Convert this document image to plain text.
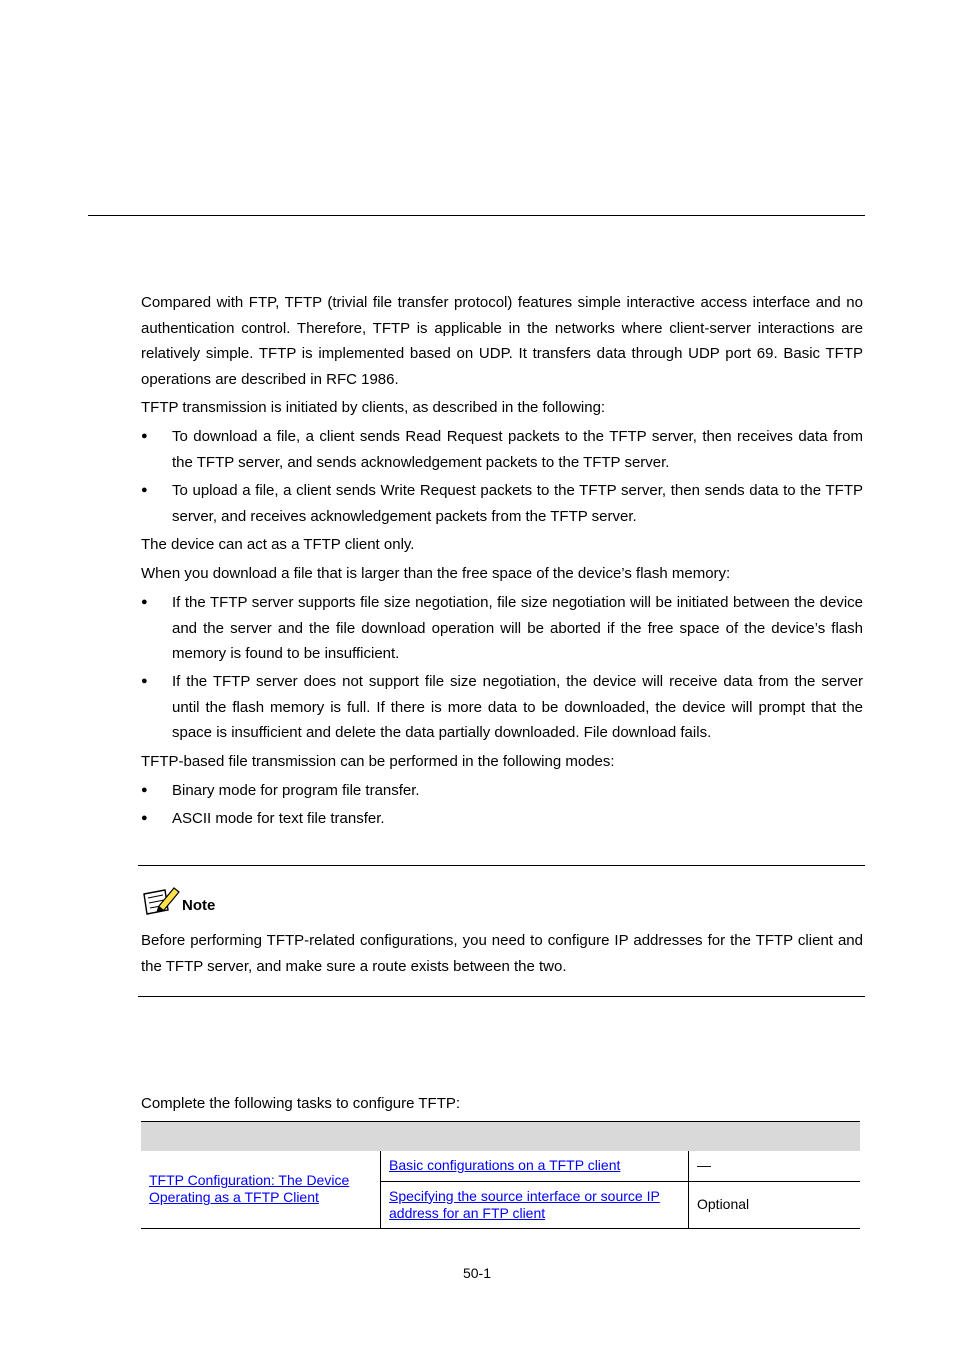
Compared with FTP, TFTP (trivial file transfer protocol) features simple interactive access interface and no authentication control. Therefore, TFTP is applicable in the networks where client-server interactions are relatively simple. TFTP is implemented based on UDP. It transfers data through UDP port 69. Basic TFTP operations are described in RFC 1986.

TFTP transmission is initiated by clients, as described in the following:

● To download a file, a client sends Read Request packets to the TFTP server, then receives data from the TFTP server, and sends acknowledgement packets to the TFTP server.

● To upload a file, a client sends Write Request packets to the TFTP server, then sends data to the TFTP server, and receives acknowledgement packets from the TFTP server.

The device can act as a TFTP client only.

When you download a file that is larger than the free space of the device’s flash memory:

● If the TFTP server supports file size negotiation, file size negotiation will be initiated between the device and the server and the file download operation will be aborted if the free space of the device’s flash memory is found to be insufficient.

● If the TFTP server does not support file size negotiation, the device will receive data from the server until the flash memory is full. If there is more data to be downloaded, the device will prompt that the space is insufficient and delete the data partially downloaded. File download fails.

TFTP-based file transmission can be performed in the following modes:

● Binary mode for program file transfer.

● ASCII mode for text file transfer.

Note

Before performing TFTP-related configurations, you need to configure IP addresses for the TFTP client and the TFTP server, and make sure a route exists between the two.

Complete the following tasks to configure TFTP:

TFTP Configuration: The Device Operating as a TFTP Client	Basic configurations on a TFTP client	—
	Specifying the source interface or source IP address for an FTP client	Optional
50-1
